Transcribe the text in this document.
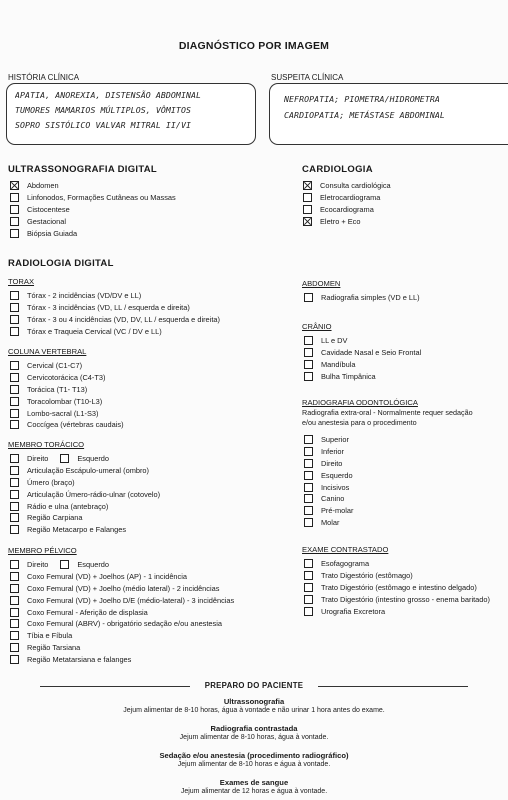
DIAGNÓSTICO POR IMAGEM
HISTÓRIA CLÍNICA
APATIA, ANOREXIA, DISTENSÃO ABDOMINAL
TUMORES MAMARIOS MÚLTIPLOS, VÔMITOS
SOPRO SISTÓLICO VALVAR MITRAL II/VI
SUSPEITA CLÍNICA
NEFROPATIA; PIOMETRA/HIDROMETRA
CARDIOPATIA; METÁSTASE ABDOMINAL
ULTRASSONOGRAFIA DIGITAL
Abdomen
Linfonodos, Formações Cutâneas ou Massas
Cistocentese
Gestacional
Biópsia Guiada
CARDIOLOGIA
Consulta cardiológica
Eletrocardiograma
Ecocardiograma
Eletro + Eco
RADIOLOGIA DIGITAL
TORAX
Tórax - 2 incidências (VD/DV e LL)
Tórax - 3 incidências (VD, LL / esquerda e direita)
Tórax - 3 ou 4 incidências (VD, DV, LL / esquerda e direita)
Tórax e Traqueia Cervical (VC / DV e LL)
COLUNA VERTEBRAL
Cervical (C1-C7)
Cervicotorácica (C4-T3)
Torácica (T1- T13)
Toracolombar (T10-L3)
Lombo-sacral (L1-S3)
Coccígea (vértebras caudais)
MEMBRO TORÁCICO
Direito	Esquerdo
Articulação Escápulo-umeral (ombro)
Úmero (braço)
Articulação Úmero-rádio-ulnar (cotovelo)
Rádio e ulna (antebraço)
Região Carpiana
Região Metacarpo e Falanges
MEMBRO PÉLVICO
Direito	Esquerdo
Coxo Femural (VD) + Joelhos (AP) - 1 incidência
Coxo Femural (VD) + Joelho (médio lateral) - 2 incidências
Coxo Femural (VD) + Joelho D/E (médio-lateral) - 3 incidências
Coxo Femural - Aferição de displasia
Coxo Femural (ABRV) - obrigatório sedação e/ou anestesia
Tíbia e Fíbula
Região Tarsiana
Região Metatarsiana e falanges
ABDOMEN
Radiografia simples (VD e LL)
CRÂNIO
LL e DV
Cavidade Nasal e Seio Frontal
Mandíbula
Bulha Timpânica
RADIOGRAFIA ODONTOLÓGICA
Radiografia extra-oral - Normalmente requer sedação
e/ou anestesia para o procedimento
Superior
Inferior
Direito
Esquerdo
Incisivos
Canino
Pré-molar
Molar
EXAME CONTRASTADO
Esofagograma
Trato Digestório (estômago)
Trato Digestório (estômago e intestino delgado)
Trato Digestório (intestino grosso - enema baritado)
Urografia Excretora
PREPARO DO PACIENTE
Ultrassonografia
Jejum alimentar de 8-10 horas, água à vontade e não urinar 1 hora antes do exame.
Radiografia contrastada
Jejum alimentar de 8-10 horas, água à vontade.
Sedação e/ou anestesia (procedimento radiográfico)
Jejum alimentar de 8-10 horas e água à vontade.
Exames de sangue
Jejum alimentar de 12 horas e água à vontade.
